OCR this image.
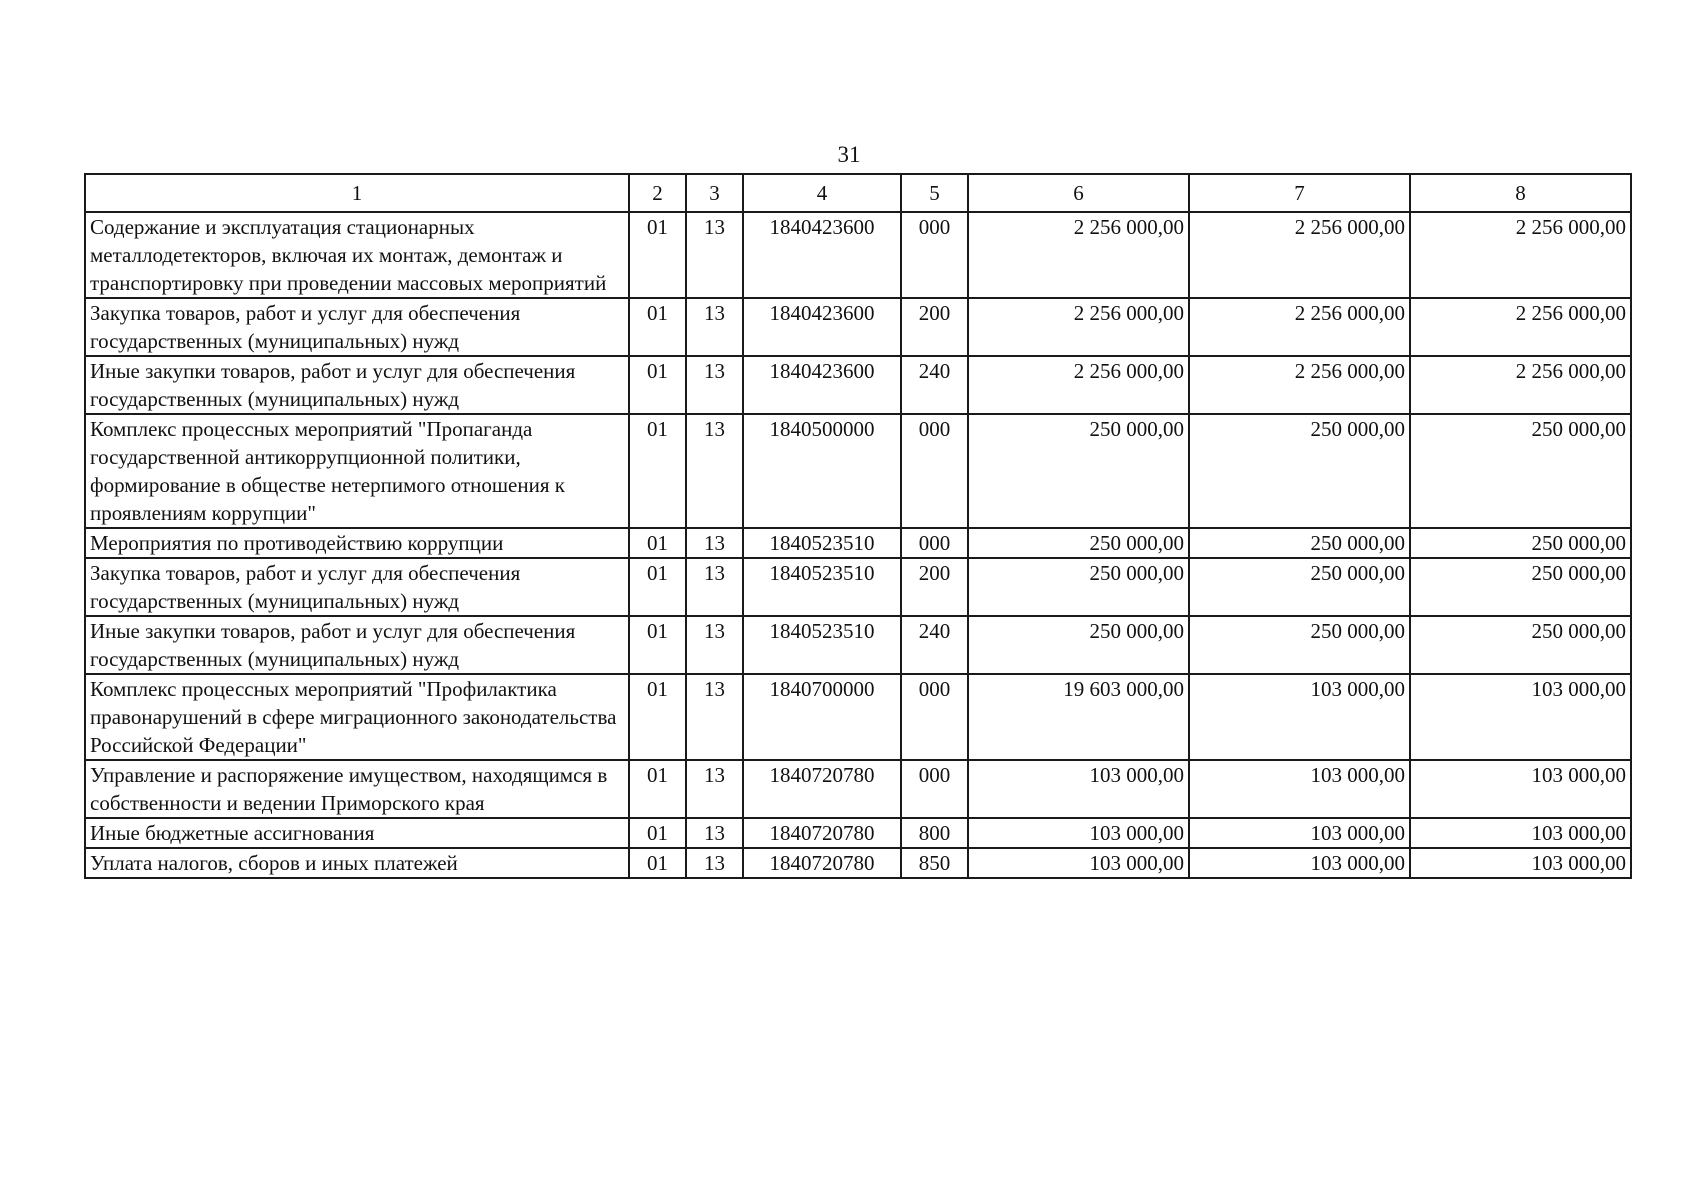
31
1	2	3	4	5	6	7	8
Содержание и эксплуатация стационарных металлодетекторов, включая их монтаж, демонтаж и транспортировку при проведении массовых мероприятий	01	13	1840423600	000	2 256 000,00	2 256 000,00	2 256 000,00
Закупка товаров, работ и услуг для обеспечения государственных (муниципальных) нужд	01	13	1840423600	200	2 256 000,00	2 256 000,00	2 256 000,00
Иные закупки товаров, работ и услуг для обеспечения государственных (муниципальных) нужд	01	13	1840423600	240	2 256 000,00	2 256 000,00	2 256 000,00
Комплекс процессных мероприятий "Пропаганда государственной антикоррупционной политики, формирование в обществе нетерпимого отношения к проявлениям коррупции"	01	13	1840500000	000	250 000,00	250 000,00	250 000,00
Мероприятия по противодействию коррупции	01	13	1840523510	000	250 000,00	250 000,00	250 000,00
Закупка товаров, работ и услуг для обеспечения государственных (муниципальных) нужд	01	13	1840523510	200	250 000,00	250 000,00	250 000,00
Иные закупки товаров, работ и услуг для обеспечения государственных (муниципальных) нужд	01	13	1840523510	240	250 000,00	250 000,00	250 000,00
Комплекс процессных мероприятий "Профилактика правонарушений в сфере миграционного законодательства Российской Федерации"	01	13	1840700000	000	19 603 000,00	103 000,00	103 000,00
Управление и распоряжение имуществом, находящимся в собственности и ведении Приморского края	01	13	1840720780	000	103 000,00	103 000,00	103 000,00
Иные бюджетные ассигнования	01	13	1840720780	800	103 000,00	103 000,00	103 000,00
Уплата налогов, сборов и иных платежей	01	13	1840720780	850	103 000,00	103 000,00	103 000,00
